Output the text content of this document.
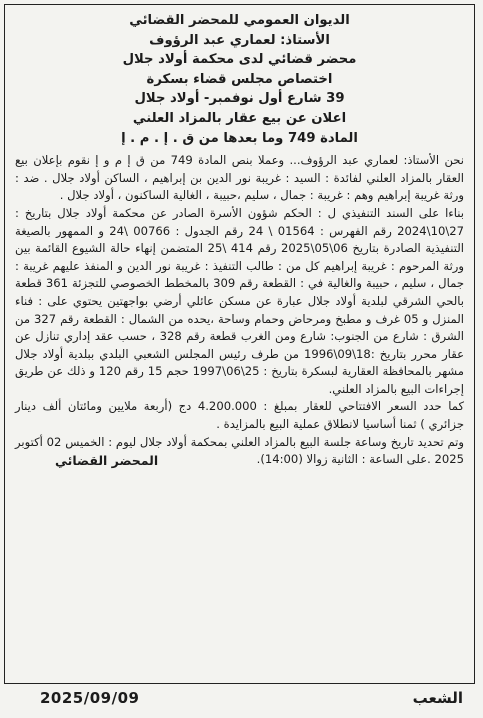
الديوان العمومي للمحضر القضائي
الأستاذ: لعماري عبد الرؤوف
محضر قضائي لدى محكمة أولاد جلال
اختصاص مجلس قضاء بسكرة
39 شارع أول نوفمبر- أولاد جلال
اعلان عن بيع عقار بالمزاد العلني
المادة 749 وما بعدها من ق . إ . م . إ

نحن الأستاذ: لعماري عبد الرؤوف... وعملا بنص المادة 749 من ق إ م و إ نقوم بإعلان بيع العقار بالمزاد العلني لفائدة : السيد : غريبة نور الدين بن إبراهيم ، الساكن أولاد جلال . ضد : ورثة غريبة إبراهيم وهم : غريبة : جمال ، سليم ،حبيبة ، الغالية الساكنون ، أولاد جلال .

بناءا على السند التنفيذي ل : الحكم شؤون الأسرة الصادر عن محكمة أولاد جلال بتاريخ : 27\10\2024 رقم الفهرس : 01564 \ 24 رقم الجدول : 00766 \24 و الممهور بالصيغة التنفيذية الصادرة بتاريخ 06\05\2025 رقم 414 \25 المتضمن إنهاء حالة الشيوع القائمة بين ورثة المرحوم : غريبة إبراهيم كل من : طالب التنفيذ : غريبة نور الدين و المنفذ عليهم غريبة : جمال ، سليم ، حبيبة والغالية في : القطعة رقم 309 بالمخطط الخصوصي للتجزئة 361 قطعة بالحي الشرقي لبلدية أولاد جلال عبارة عن مسكن عائلي أرضي بواجهتين يحتوي على : فناء المنزل و 05 غرف و مطبخ ومرحاض وحمام وساحة ،يحده من الشمال : القطعة رقم 327 من الشرق : شارع من الجنوب: شارع ومن الغرب قطعة رقم 328 ، حسب عقد إداري تنازل عن عقار محرر بتاريخ :18\09\1996 من طرف رئيس المجلس الشعبي البلدي ببلدية أولاد جلال مشهر بالمحافظة العقارية لبسكرة بتاريخ : 25\06\1997 حجم 15 رقم 120 و ذلك عن طريق إجراءات البيع بالمزاد العلني.

كما حدد السعر الافتتاحي للعقار بمبلغ : 4.200.000 دج (أربعة ملايين ومائتان ألف دينار جزائري ) ثمنا أساسيا لانطلاق عملية البيع بالمزايدة .

وتم تحديد تاريخ وساعة جلسة البيع بالمزاد العلني بمحكمة أولاد جلال ليوم : الخميس 02 أكتوبر 2025 .على الساعة : الثانية زوالا (14:00).

المحضر القضائي
2025/09/09	الشعب
